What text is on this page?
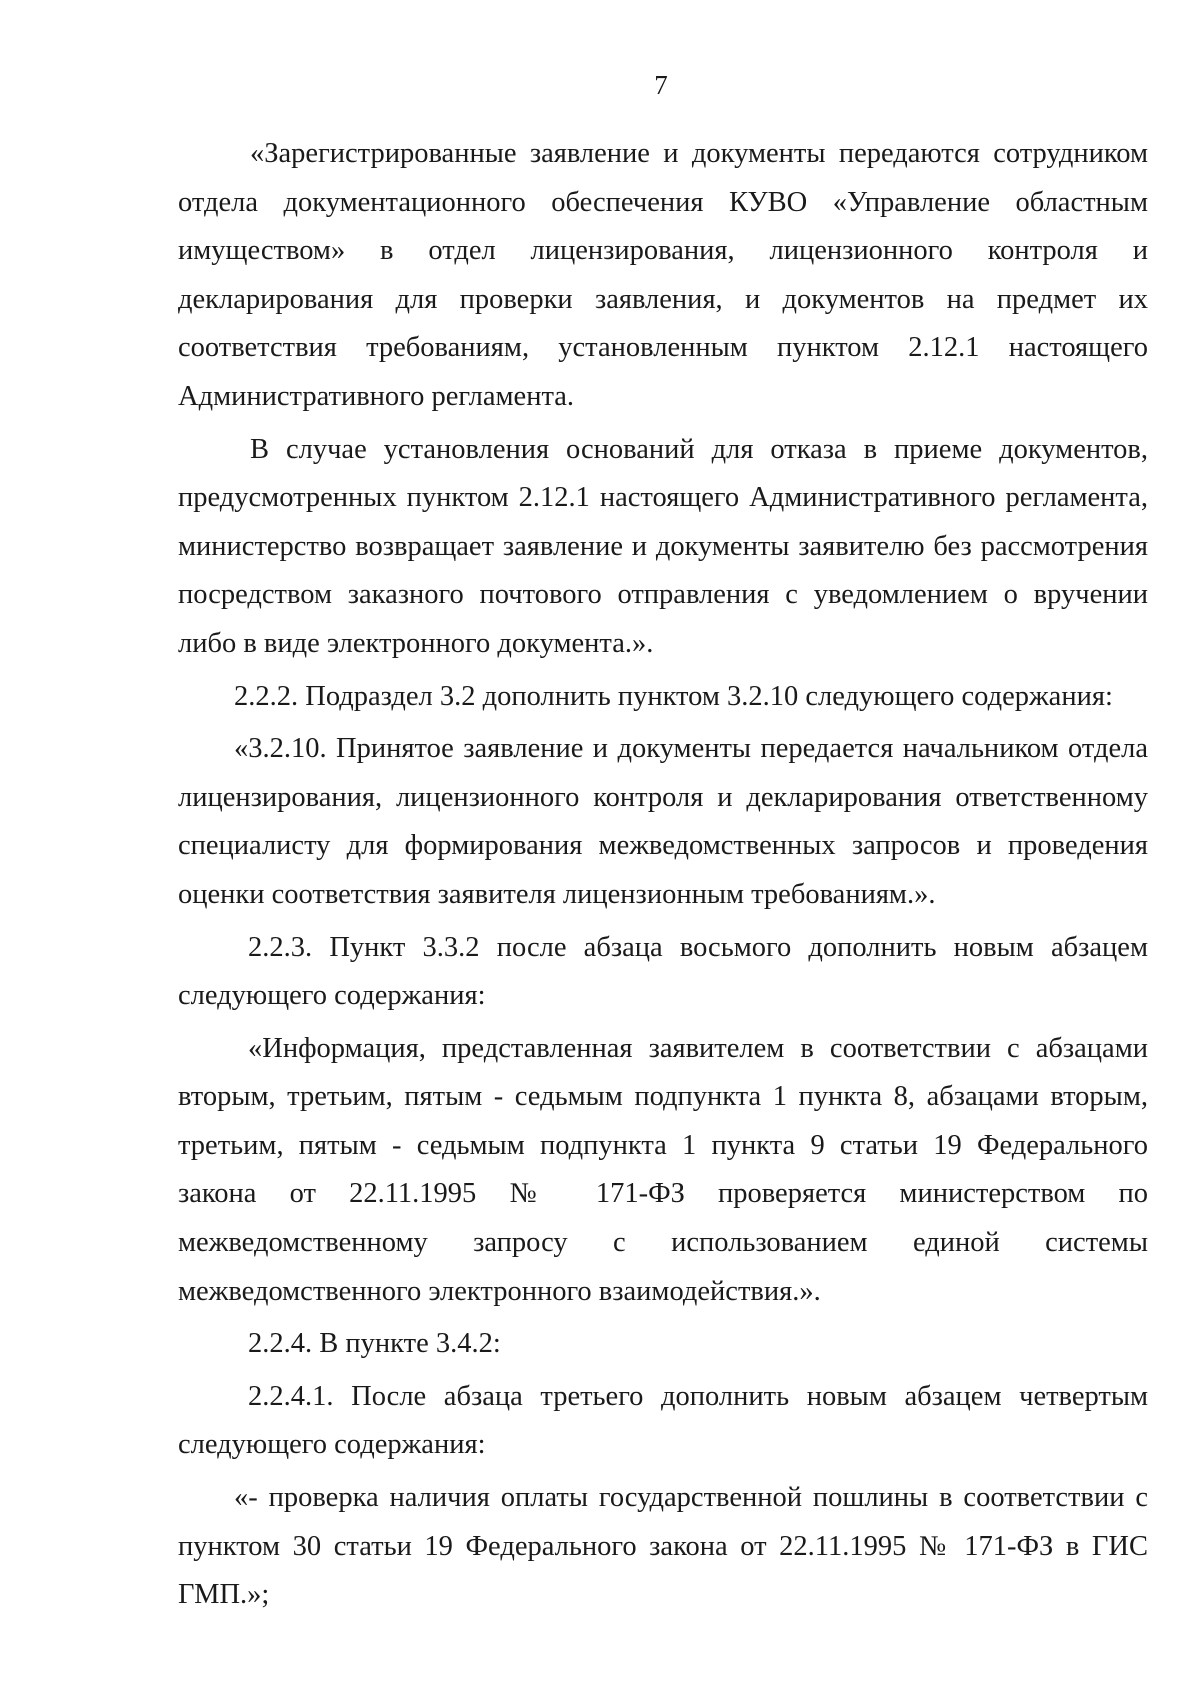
7

«Зарегистрированные заявление и документы передаются сотрудником отдела документационного обеспечения КУВО «Управление областным имуществом» в отдел лицензирования, лицензионного контроля и декларирования для проверки заявления, и документов на предмет их соответствия требованиям, установленным пунктом 2.12.1 настоящего Административного регламента.

В случае установления оснований для отказа в приеме документов, предусмотренных пунктом 2.12.1 настоящего Административного регламента, министерство возвращает заявление и документы заявителю без рассмотрения посредством заказного почтового отправления с уведомлением о вручении либо в виде электронного документа.».

2.2.2. Подраздел 3.2 дополнить пунктом 3.2.10 следующего содержания:

«3.2.10. Принятое заявление и документы передается начальником отдела лицензирования, лицензионного контроля и декларирования ответственному специалисту для формирования межведомственных запросов и проведения оценки соответствия заявителя лицензионным требованиям.».

2.2.3. Пункт 3.3.2 после абзаца восьмого дополнить новым абзацем следующего содержания:

«Информация, представленная заявителем в соответствии с абзацами вторым, третьим, пятым - седьмым подпункта 1 пункта 8, абзацами вторым, третьим, пятым - седьмым подпункта 1 пункта 9 статьи 19 Федерального закона от 22.11.1995 № 171-ФЗ проверяется министерством по межведомственному запросу с использованием единой системы межведомственного электронного взаимодействия.».

2.2.4. В пункте 3.4.2:

2.2.4.1. После абзаца третьего дополнить новым абзацем четвертым следующего содержания:

«- проверка наличия оплаты государственной пошлины в соответствии с пунктом 30 статьи 19 Федерального закона от 22.11.1995 № 171-ФЗ в ГИС ГМП.»;
